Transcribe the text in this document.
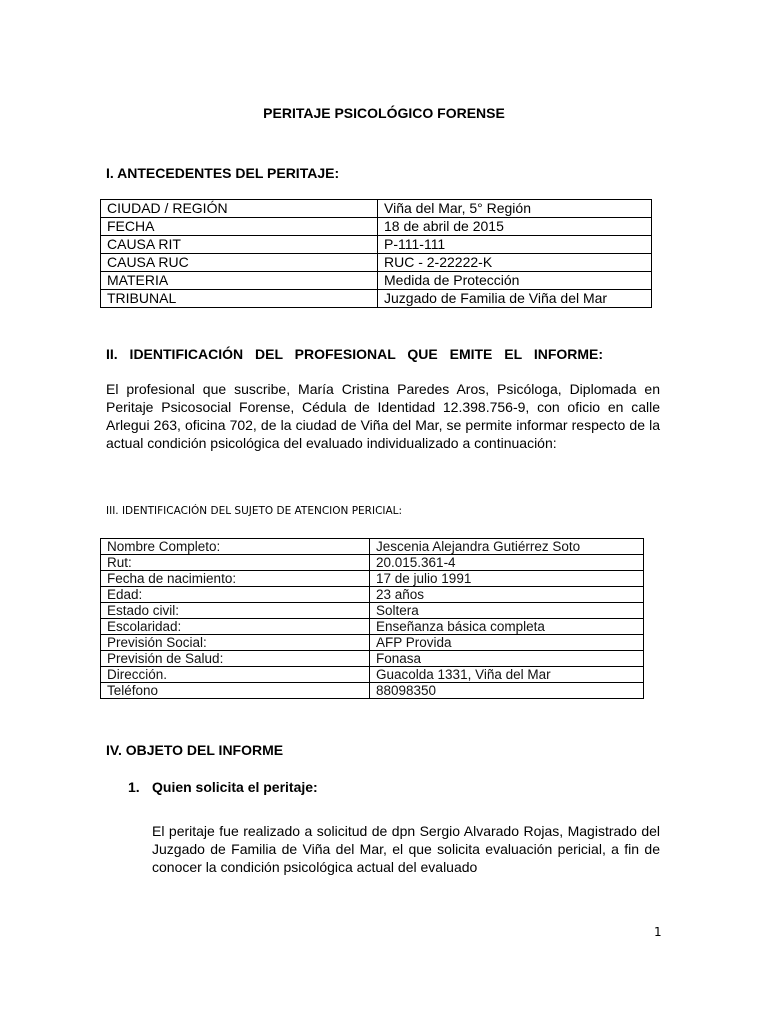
PERITAJE PSICOLÓGICO FORENSE
I. ANTECEDENTES DEL PERITAJE:
CIUDAD / REGIÓN	Viña del Mar, 5° Región
FECHA	18 de abril de 2015
CAUSA RIT	P-111-111
CAUSA RUC	RUC - 2-22222-K
MATERIA	Medida de Protección
TRIBUNAL	Juzgado de Familia de Viña del Mar
II. IDENTIFICACIÓN DEL PROFESIONAL QUE EMITE EL INFORME:
El profesional que suscribe, María Cristina Paredes Aros, Psicóloga, Diplomada en Peritaje Psicosocial Forense, Cédula de Identidad 12.398.756-9, con oficio en calle Arlegui 263, oficina 702, de la ciudad de Viña del Mar, se permite informar respecto de la actual condición psicológica del evaluado individualizado a continuación:
III. IDENTIFICACIÓN DEL SUJETO DE ATENCION PERICIAL:
Nombre Completo:	Jescenia Alejandra Gutiérrez Soto
Rut:	20.015.361-4
Fecha de nacimiento:	17 de julio 1991
Edad:	23 años
Estado civil:	Soltera
Escolaridad:	Enseñanza básica completa
Previsión Social:	AFP Provida
Previsión de Salud:	Fonasa
Dirección.	Guacolda 1331, Viña del Mar
Teléfono	88098350
IV. OBJETO DEL INFORME
1. Quien solicita el peritaje:
El peritaje fue realizado a solicitud de dpn Sergio Alvarado Rojas, Magistrado del Juzgado de Familia de Viña del Mar, el que solicita evaluación pericial, a fin de conocer la condición psicológica actual del evaluado
1
